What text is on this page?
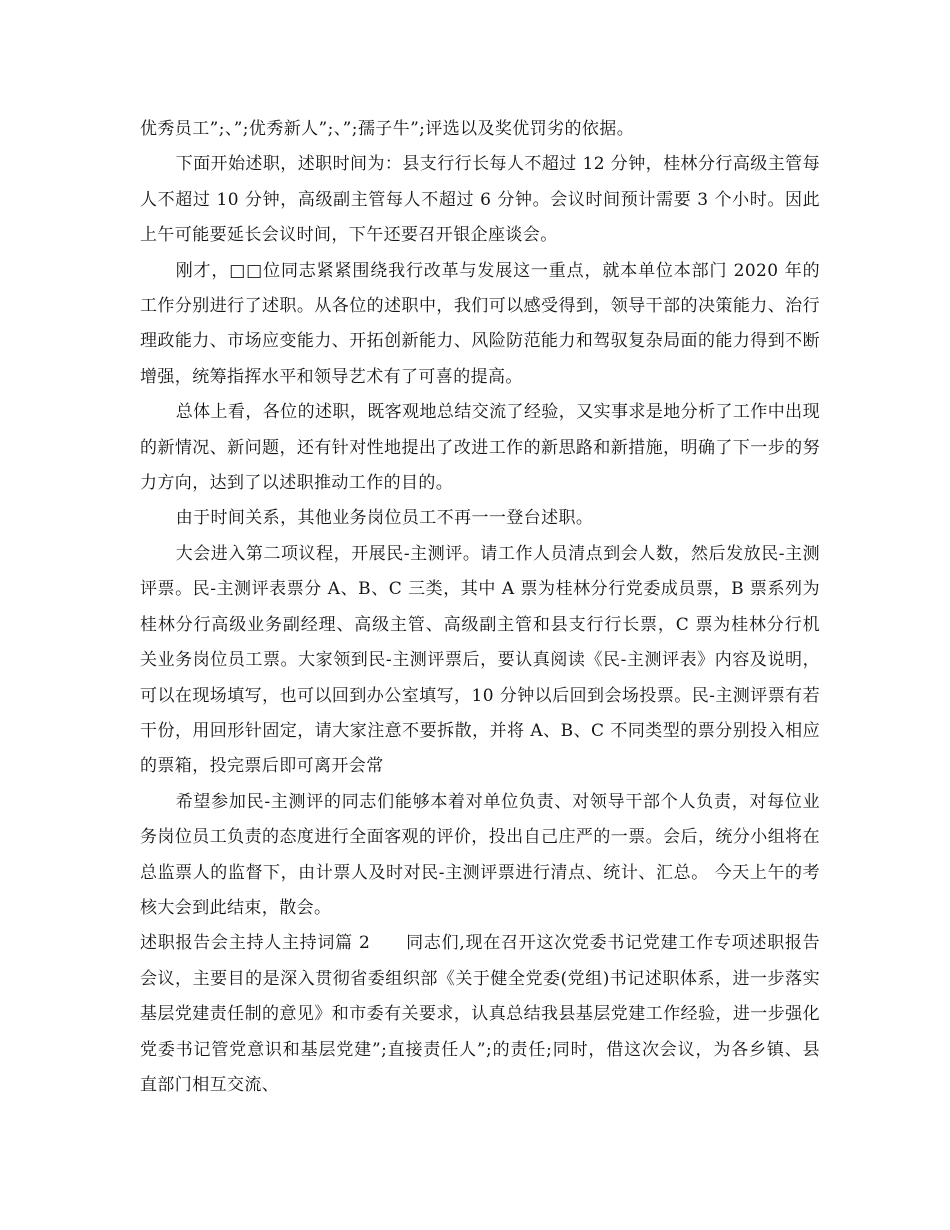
优秀员工”;、”;优秀新人”;、”;孺子牛”;评选以及奖优罚劣的依据。

下面开始述职，述职时间为：县支行行长每人不超过 12 分钟，桂林分行高级主管每人不超过 10 分钟，高级副主管每人不超过 6 分钟。会议时间预计需要 3 个小时。因此上午可能要延长会议时间，下午还要召开银企座谈会。

刚才，□□位同志紧紧围绕我行改革与发展这一重点，就本单位本部门 2020 年的工作分别进行了述职。从各位的述职中，我们可以感受得到，领导干部的决策能力、治行理政能力、市场应变能力、开拓创新能力、风险防范能力和驾驭复杂局面的能力得到不断增强，统筹指挥水平和领导艺术有了可喜的提高。

总体上看，各位的述职，既客观地总结交流了经验，又实事求是地分析了工作中出现的新情况、新问题，还有针对性地提出了改进工作的新思路和新措施，明确了下一步的努力方向，达到了以述职推动工作的目的。

由于时间关系，其他业务岗位员工不再一一登台述职。

大会进入第二项议程，开展民-主测评。请工作人员清点到会人数，然后发放民-主测评票。民-主测评表票分 A、B、C 三类，其中 A 票为桂林分行党委成员票，B 票系列为桂林分行高级业务副经理、高级主管、高级副主管和县支行行长票，C 票为桂林分行机关业务岗位员工票。大家领到民-主测评票后，要认真阅读《民-主测评表》内容及说明，可以在现场填写，也可以回到办公室填写，10 分钟以后回到会场投票。民-主测评票有若干份，用回形针固定，请大家注意不要拆散，并将 A、B、C 不同类型的票分别投入相应的票箱，投完票后即可离开会常

希望参加民-主测评的同志们能够本着对单位负责、对领导干部个人负责，对每位业务岗位员工负责的态度进行全面客观的评价，投出自己庄严的一票。会后，统分小组将在总监票人的监督下，由计票人及时对民-主测评票进行清点、统计、汇总。 今天上午的考核大会到此结束，散会。

述职报告会主持人主持词篇 2　　同志们,现在召开这次党委书记党建工作专项述职报告会议，主要目的是深入贯彻省委组织部《关于健全党委(党组)书记述职体系，进一步落实基层党建责任制的意见》和市委有关要求，认真总结我县基层党建工作经验，进一步强化党委书记管党意识和基层党建”;直接责任人”;的责任;同时，借这次会议，为各乡镇、县直部门相互交流、
